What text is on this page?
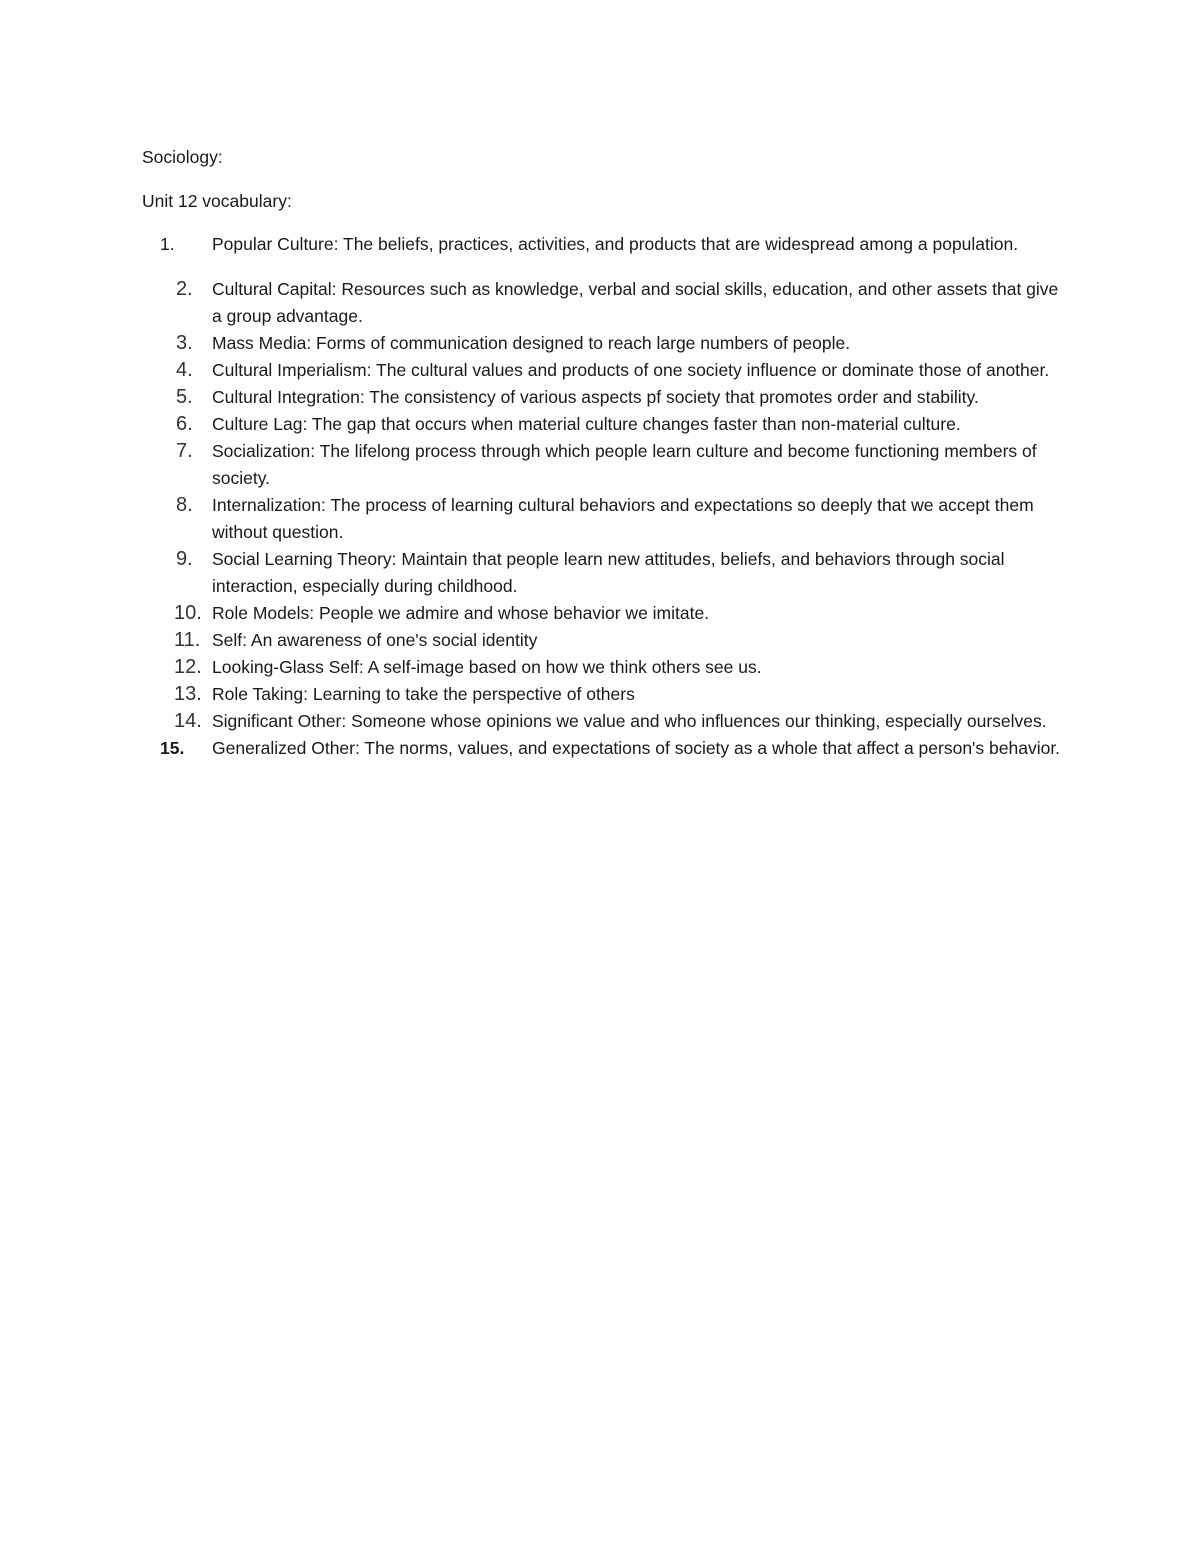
Sociology:

Unit 12 vocabulary:

1. Popular Culture: The beliefs, practices, activities, and products that are widespread among a population.
2. Cultural Capital: Resources such as knowledge, verbal and social skills, education, and other assets that give a group advantage.
3. Mass Media: Forms of communication designed to reach large numbers of people.
4. Cultural Imperialism: The cultural values and products of one society influence or dominate those of another.
5. Cultural Integration: The consistency of various aspects pf society that promotes order and stability.
6. Culture Lag: The gap that occurs when material culture changes faster than non-material culture.
7. Socialization: The lifelong process through which people learn culture and become functioning members of society.
8. Internalization: The process of learning cultural behaviors and expectations so deeply that we accept them without question.
9. Social Learning Theory: Maintain that people learn new attitudes, beliefs, and behaviors through social interaction, especially during childhood.
10. Role Models: People we admire and whose behavior we imitate.
11. Self: An awareness of one's social identity
12. Looking-Glass Self: A self-image based on how we think others see us.
13. Role Taking: Learning to take the perspective of others
14. Significant Other: Someone whose opinions we value and who influences our thinking, especially ourselves.
15. Generalized Other: The norms, values, and expectations of society as a whole that affect a person's behavior.
